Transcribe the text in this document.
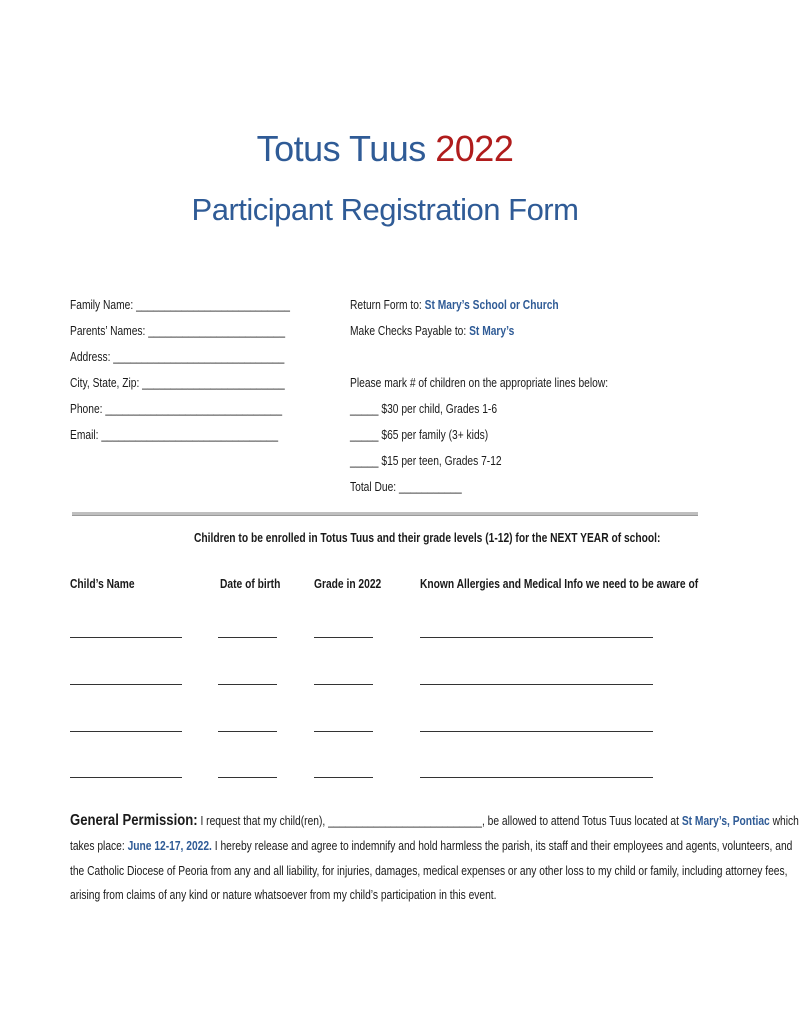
Totus Tuus 2022
Participant Registration Form
Family Name: ___________________________
Parents’ Names: ________________________
Address: ______________________________
City, State, Zip: _________________________
Phone: _______________________________
Email: _______________________________
Return Form to: St Mary’s School or Church
Make Checks Payable to: St Mary’s
Please mark # of children on the appropriate lines below:
_____ $30 per child, Grades 1-6
_____ $65 per family (3+ kids)
_____ $15 per teen, Grades 7-12
Total Due: ___________
Children to be enrolled in Totus Tuus and their grade levels (1-12) for the NEXT YEAR of school:
Child’s Name	Date of birth	Grade in 2022	Known Allergies and Medical Info we need to be aware of
General Permission: I request that my child(ren), ___________________________, be allowed to attend Totus Tuus located at St Mary’s, Pontiac which
takes place: June 12-17, 2022. I hereby release and agree to indemnify and hold harmless the parish, its staff and their employees and agents, volunteers, and
the Catholic Diocese of Peoria from any and all liability, for injuries, damages, medical expenses or any other loss to my child or family, including attorney fees,
arising from claims of any kind or nature whatsoever from my child’s participation in this event.
